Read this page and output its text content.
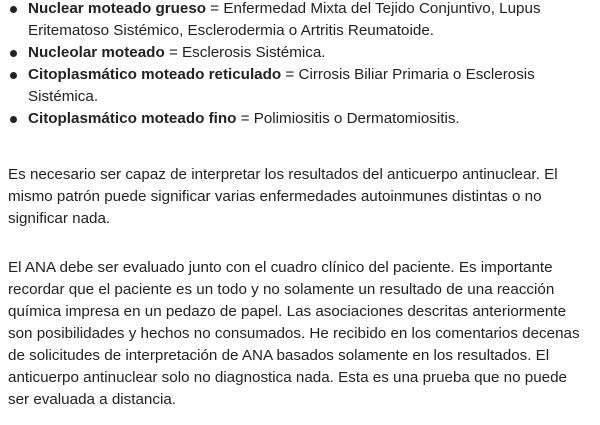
Nuclear moteado grueso = Enfermedad Mixta del Tejido Conjuntivo, Lupus Eritematoso Sistémico, Esclerodermia o Artritis Reumatoide.
Nucleolar moteado = Esclerosis Sistémica.
Citoplasmático moteado reticulado = Cirrosis Biliar Primaria o Esclerosis Sistémica.
Citoplasmático moteado fino = Polimiositis o Dermatomiositis.

Es necesario ser capaz de interpretar los resultados del anticuerpo antinuclear. El mismo patrón puede significar varias enfermedades autoinmunes distintas o no significar nada.

El ANA debe ser evaluado junto con el cuadro clínico del paciente. Es importante recordar que el paciente es un todo y no solamente un resultado de una reacción química impresa en un pedazo de papel. Las asociaciones descritas anteriormente son posibilidades y hechos no consumados. He recibido en los comentarios decenas de solicitudes de interpretación de ANA basados solamente en los resultados. El anticuerpo antinuclear solo no diagnostica nada. Esta es una prueba que no puede ser evaluada a distancia.
